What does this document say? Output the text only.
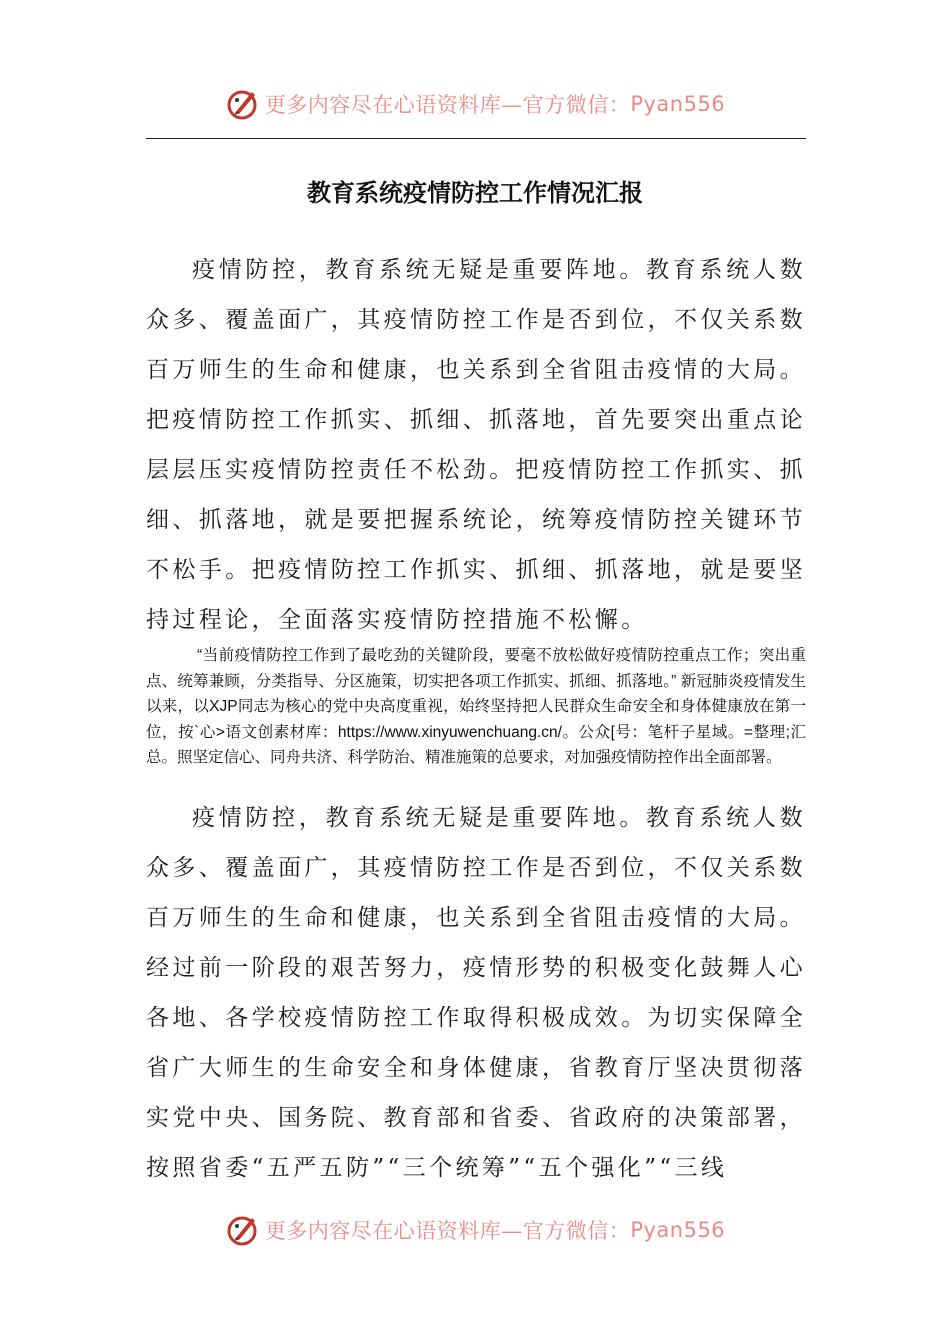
更多内容尽在心语资料库—官方微信： Pyan556
教育系统疫情防控工作情况汇报

疫情防控，教育系统无疑是重要阵地。教育系统人数众多、覆盖面广，其疫情防控工作是否到位，不仅关系数百万师生的生命和健康，也关系到全省阻击疫情的大局。把疫情防控工作抓实、抓细、抓落地，首先要突出重点论层层压实疫情防控责任不松劲。把疫情防控工作抓实、抓细、抓落地，就是要把握系统论，统筹疫情防控关键环节不松手。把疫情防控工作抓实、抓细、抓落地，就是要坚持过程论，全面落实疫情防控措施不松懈。

“当前疫情防控工作到了最吃劲的关键阶段，要毫不放松做好疫情防控重点工作；突出重点、统筹兼顾，分类指导、分区施策，切实把各项工作抓实、抓细、抓落地。” 新冠肺炎疫情发生以来，以XJP同志为核心的党中央高度重视，始终坚持把人民群众生命安全和身体健康放在第一位，按`心>语文创素材库：https://www.xinyuwenchuang.cn/。公众[号：笔杆子星域。=整理;汇总。照坚定信心、同舟共济、科学防治、精准施策的总要求，对加强疫情防控作出全面部署。

疫情防控，教育系统无疑是重要阵地。教育系统人数众多、覆盖面广，其疫情防控工作是否到位，不仅关系数百万师生的生命和健康，也关系到全省阻击疫情的大局。经过前一阶段的艰苦努力，疫情形势的积极变化鼓舞人心各地、各学校疫情防控工作取得积极成效。为切实保障全省广大师生的生命安全和身体健康，省教育厅坚决贯彻落实党中央、国务院、教育部和省委、省政府的决策部署，按照省委“五严五防”“三个统筹”“五个强化”“三线

更多内容尽在心语资料库—官方微信： Pyan556
